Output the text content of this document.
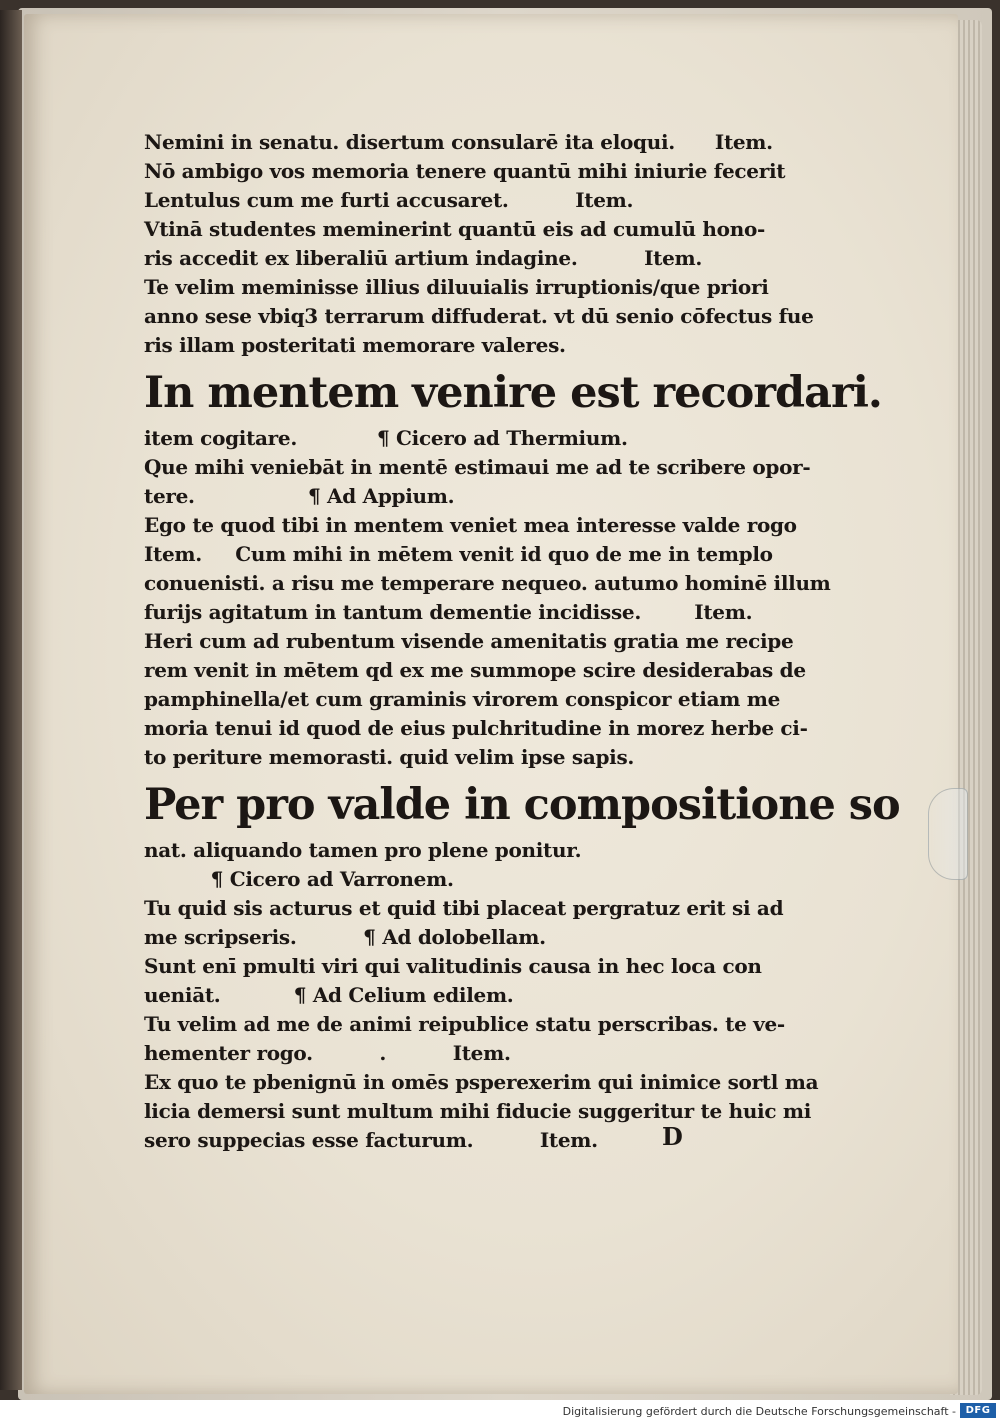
Nemini in senatu. disertum consularē ita eloqui.      Item.
Nō ambigo vos memoria tenere quantū mihi iniurie fecerit
Lentulus cum me furti accusaret.          Item.
Vtinā studentes meminerint quantū eis ad cumulū hono-
ris accedit ex liberaliū artium indagine.          Item.
Te velim meminisse illius diluuialis irruptionis/que priori
anno sese vbiq3 terrarum diffuderat. vt dū senio cōfectus fue
ris illam posteritati memorare valeres.
In mentem venire est recordari.
item cogitare.            ¶ Cicero ad Thermium.
Que mihi veniebāt in mentē estimaui me ad te scribere opor-
tere.                 ¶ Ad Appium.
Ego te quod tibi in mentem veniet mea interesse valde rogo
Item.     Cum mihi in mētem venit id quo de me in templo
conuenisti. a risu me temperare nequeo. autumo hominē illum
furijs agitatum in tantum dementie incidisse.        Item.
Heri cum ad rubentum visende amenitatis gratia me recipe
rem venit in mētem qd ex me summope scire desiderabas de
pamphinella/et cum graminis virorem conspicor etiam me
moria tenui id quod de eius pulchritudine in morez herbe ci-
to periture memorasti. quid velim ipse sapis.
Per pro valde in compositione so
nat. aliquando tamen pro plene ponitur.
¶ Cicero ad Varronem.
Tu quid sis acturus et quid tibi placeat pergratuz erit si ad
me scripseris.          ¶ Ad dolobellam.
Sunt enī pmulti viri qui valitudinis causa in hec loca con
ueniāt.           ¶ Ad Celium edilem.
Tu velim ad me de animi reipublice statu perscribas. te ve-
hementer rogo.          .          Item.
Ex quo te pbenignū in omēs psperexerim qui inimice sortl ma
licia demersi sunt multum mihi fiducie suggeritur te huic mi
sero suppecias esse facturum.          Item.	D
Digitalisierung gefördert durch die Deutsche Forschungsgemeinschaft - DFG
